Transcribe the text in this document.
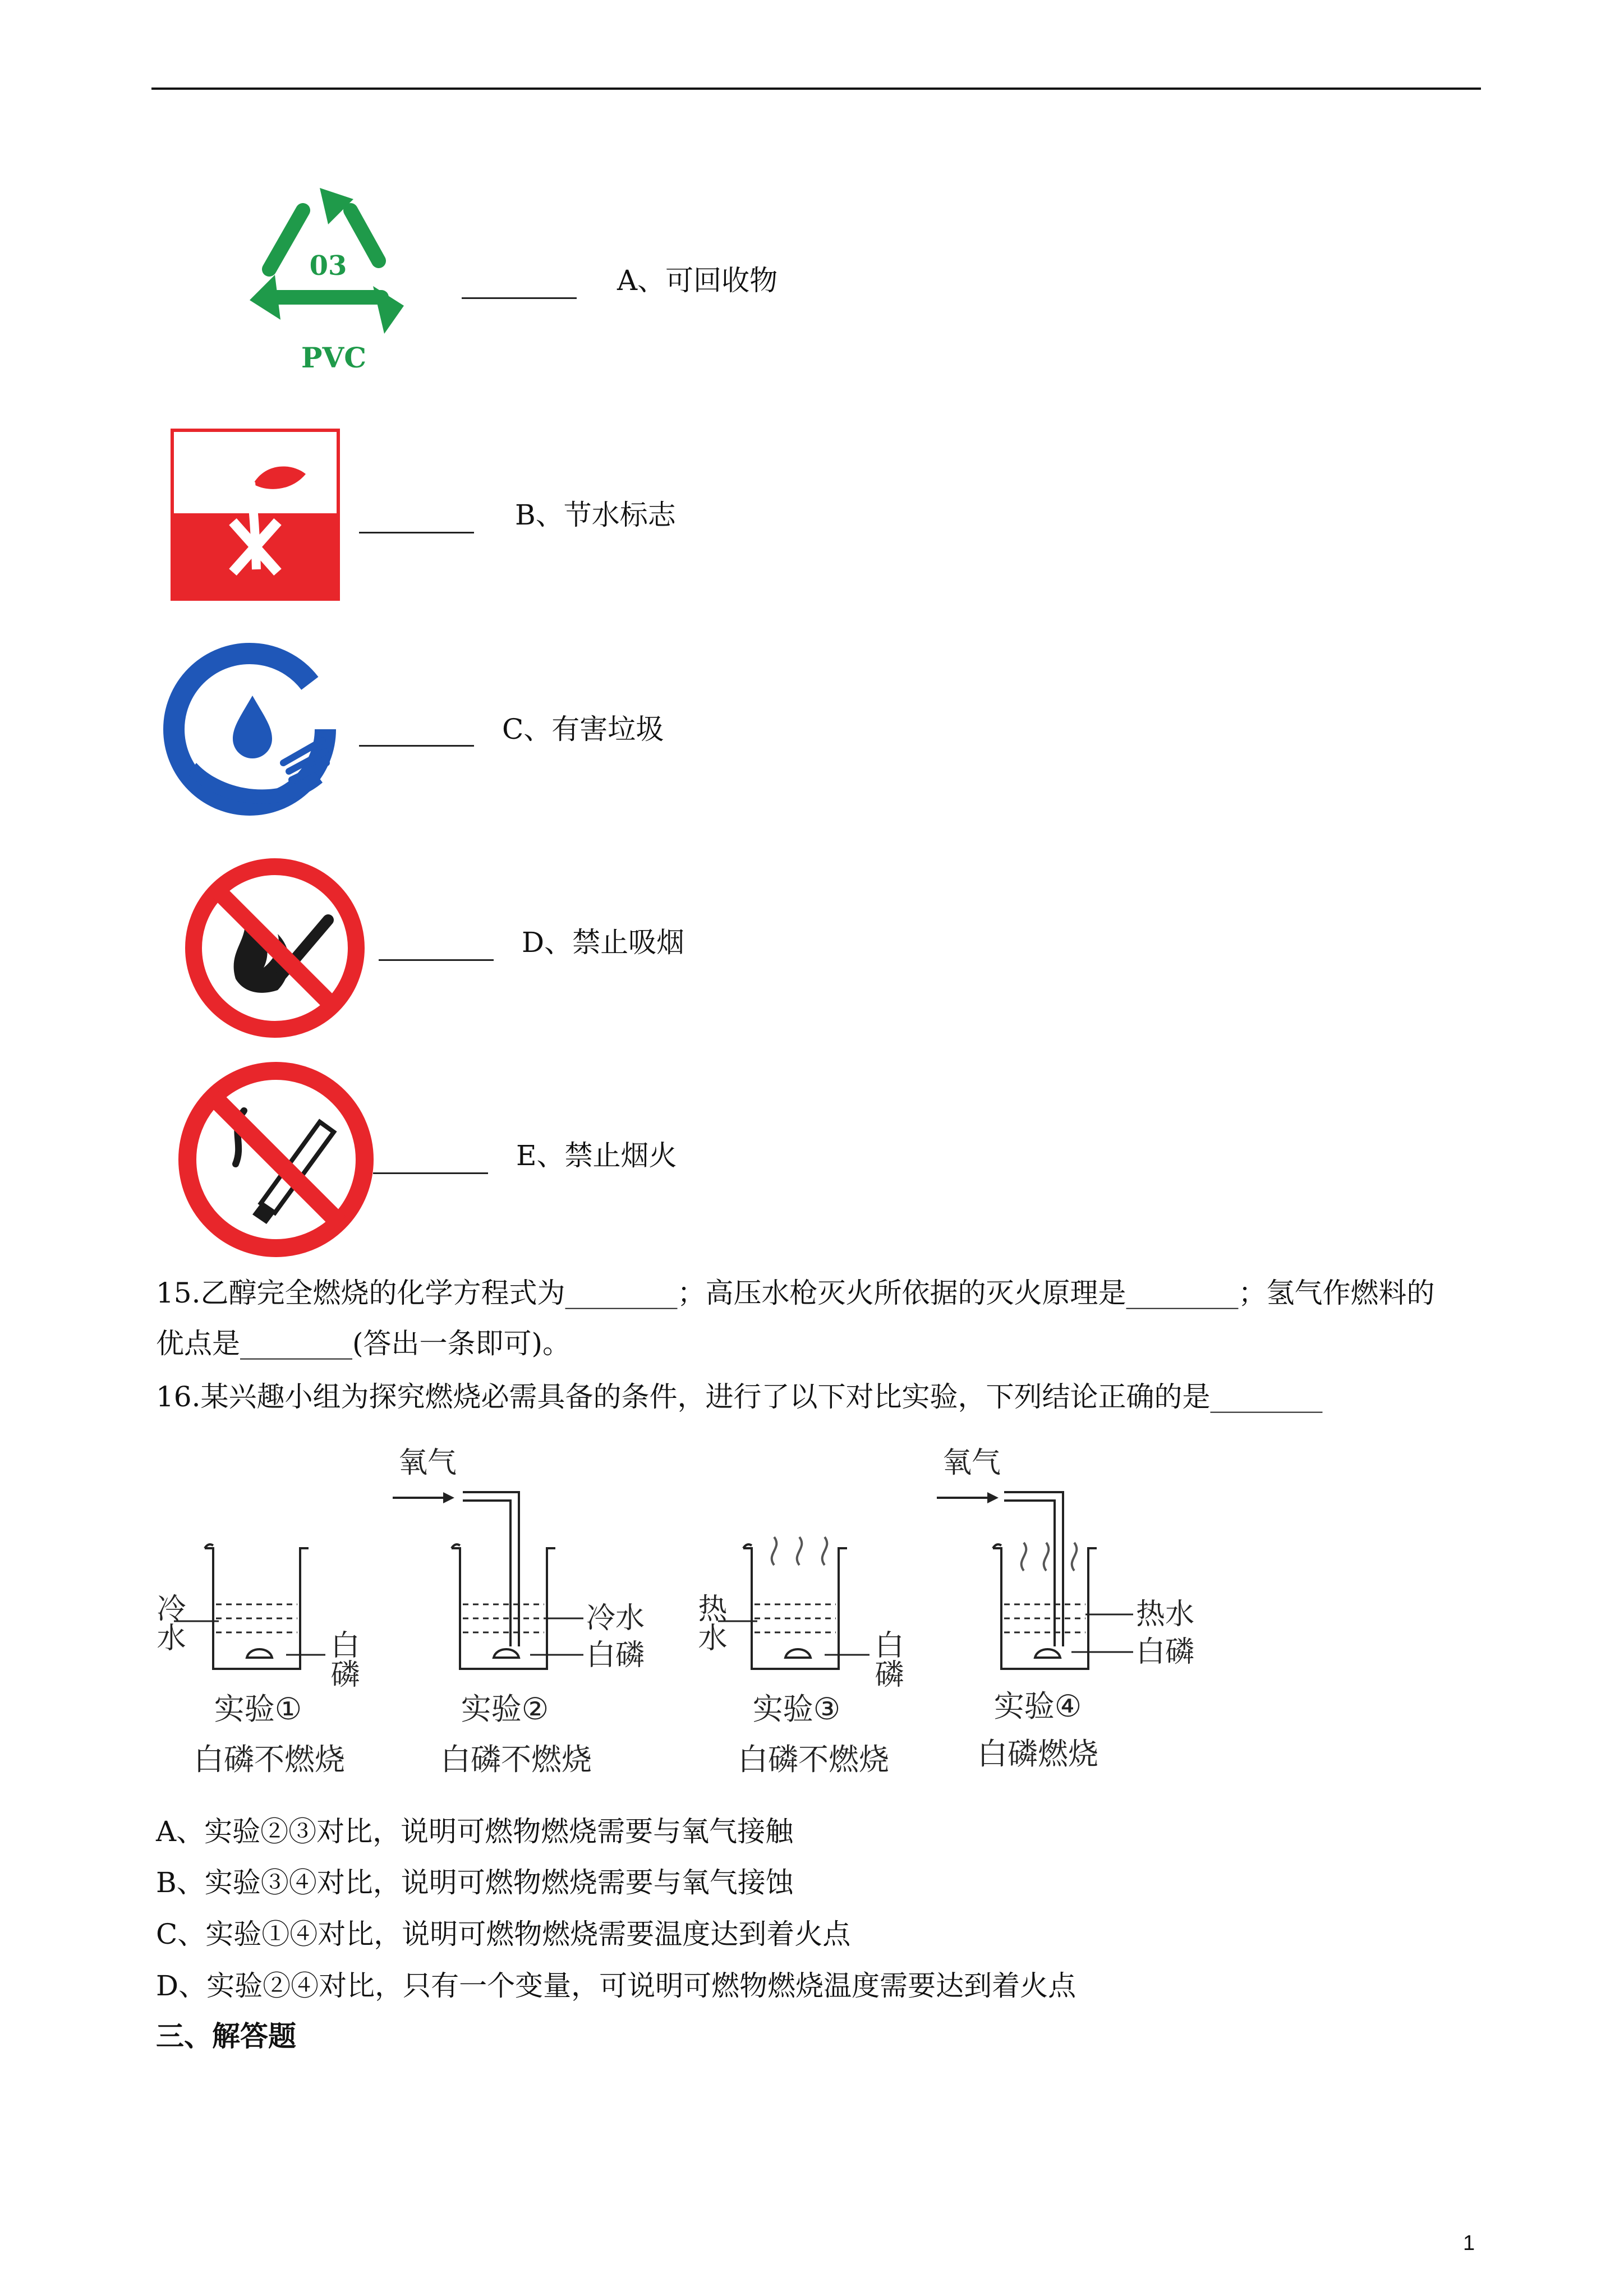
03
PVC
A、可回收物
B、节水标志
C、有害垃圾
D、禁止吸烟
E、禁止烟火
15.乙醇完全燃烧的化学方程式为________；高压水枪灭火所依据的灭火原理是________；氢气作燃料的
优点是________(答出一条即可)。
16.某兴趣小组为探究燃烧必需具备的条件，进行了以下对比实验，下列结论正确的是________
冷水
白磷
实验①
白磷不燃烧
氧气
冷水
白磷
实验②
白磷不燃烧
热水
白磷
实验③
白磷不燃烧
氧气
热水
白磷
实验④
白磷燃烧
A、实验②③对比，说明可燃物燃烧需要与氧气接触
B、实验③④对比，说明可燃物燃烧需要与氧气接蚀
C、实验①④对比，说明可燃物燃烧需要温度达到着火点
D、实验②④对比，只有一个变量，可说明可燃物燃烧温度需要达到着火点
三、解答题
1
